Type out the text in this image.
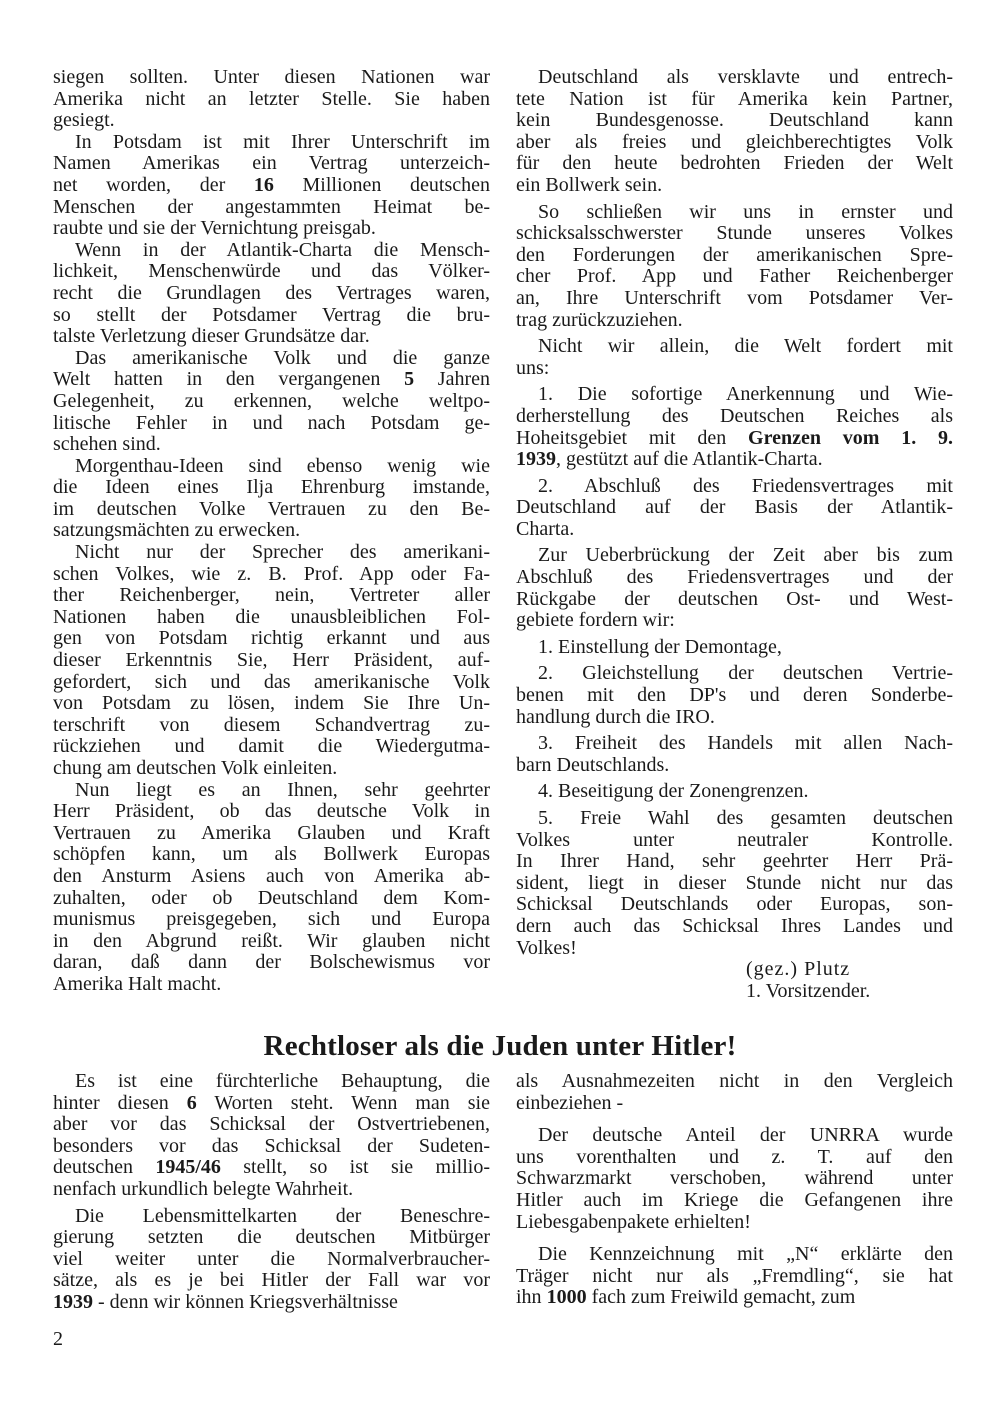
siegen sollten. Unter diesen Nationen war
Amerika nicht an letzter Stelle. Sie haben
gesiegt.
In Potsdam ist mit Ihrer Unterschrift im
Namen Amerikas ein Vertrag unterzeich-
net worden, der 16 Millionen deutschen
Menschen der angestammten Heimat be-
raubte und sie der Vernichtung preisgab.
Wenn in der Atlantik-Charta die Mensch-
lichkeit, Menschenwürde und das Völker-
recht die Grundlagen des Vertrages waren,
so stellt der Potsdamer Vertrag die bru-
talste Verletzung dieser Grundsätze dar.
Das amerikanische Volk und die ganze
Welt hatten in den vergangenen 5 Jahren
Gelegenheit, zu erkennen, welche weltpo-
litische Fehler in und nach Potsdam ge-
schehen sind.
Morgenthau-Ideen sind ebenso wenig wie
die Ideen eines Ilja Ehrenburg imstande,
im deutschen Volke Vertrauen zu den Be-
satzungsmächten zu erwecken.
Nicht nur der Sprecher des amerikani-
schen Volkes, wie z. B. Prof. App oder Fa-
ther Reichenberger, nein, Vertreter aller
Nationen haben die unausbleiblichen Fol-
gen von Potsdam richtig erkannt und aus
dieser Erkenntnis Sie, Herr Präsident, auf-
gefordert, sich und das amerikanische Volk
von Potsdam zu lösen, indem Sie Ihre Un-
terschrift von diesem Schandvertrag zu-
rückziehen und damit die Wiedergutma-
chung am deutschen Volk einleiten.
Nun liegt es an Ihnen, sehr geehrter
Herr Präsident, ob das deutsche Volk in
Vertrauen zu Amerika Glauben und Kraft
schöpfen kann, um als Bollwerk Europas
den Ansturm Asiens auch von Amerika ab-
zuhalten, oder ob Deutschland dem Kom-
munismus preisgegeben, sich und Europa
in den Abgrund reißt. Wir glauben nicht
daran, daß dann der Bolschewismus vor
Amerika Halt macht.
Deutschland als versklavte und entrech-
tete Nation ist für Amerika kein Partner,
kein Bundesgenosse. Deutschland kann
aber als freies und gleichberechtigtes Volk
für den heute bedrohten Frieden der Welt
ein Bollwerk sein.
So schließen wir uns in ernster und
schicksalsschwerster Stunde unseres Volkes
den Forderungen der amerikanischen Spre-
cher Prof. App und Father Reichenberger
an, Ihre Unterschrift vom Potsdamer Ver-
trag zurückzuziehen.
Nicht wir allein, die Welt fordert mit
uns:
1. Die sofortige Anerkennung und Wie-
derherstellung des Deutschen Reiches als
Hoheitsgebiet mit den Grenzen vom 1. 9.
1939, gestützt auf die Atlantik-Charta.
2. Abschluß des Friedensvertrages mit
Deutschland auf der Basis der Atlantik-
Charta.
Zur Ueberbrückung der Zeit aber bis zum
Abschluß des Friedensvertrages und der
Rückgabe der deutschen Ost- und West-
gebiete fordern wir:
1. Einstellung der Demontage,
2. Gleichstellung der deutschen Vertrie-
benen mit den DP's und deren Sonderbe-
handlung durch die IRO.
3. Freiheit des Handels mit allen Nach-
barn Deutschlands.
4. Beseitigung der Zonengrenzen.
5. Freie Wahl des gesamten deutschen
Volkes unter neutraler Kontrolle.
In Ihrer Hand, sehr geehrter Herr Prä-
sident, liegt in dieser Stunde nicht nur das
Schicksal Deutschlands oder Europas, son-
dern auch das Schicksal Ihres Landes und
Volkes!
(gez.) Plutz
1. Vorsitzender.
Rechtloser als die Juden unter Hitler!
Es ist eine fürchterliche Behauptung, die
hinter diesen 6 Worten steht. Wenn man sie
aber vor das Schicksal der Ostvertriebenen,
besonders vor das Schicksal der Sudeten-
deutschen 1945/46 stellt, so ist sie millio-
nenfach urkundlich belegte Wahrheit.
Die Lebensmittelkarten der Beneschre-
gierung setzten die deutschen Mitbürger
viel weiter unter die Normalverbraucher-
sätze, als es je bei Hitler der Fall war vor
1939 - denn wir können Kriegsverhältnisse
als Ausnahmezeiten nicht in den Vergleich
einbeziehen -
Der deutsche Anteil der UNRRA wurde
uns vorenthalten und z. T. auf den
Schwarzmarkt verschoben, während unter
Hitler auch im Kriege die Gefangenen ihre
Liebesgabenpakete erhielten!
Die Kennzeichnung mit „N“ erklärte den
Träger nicht nur als „Fremdling“, sie hat
ihn 1000 fach zum Freiwild gemacht, zum
2
